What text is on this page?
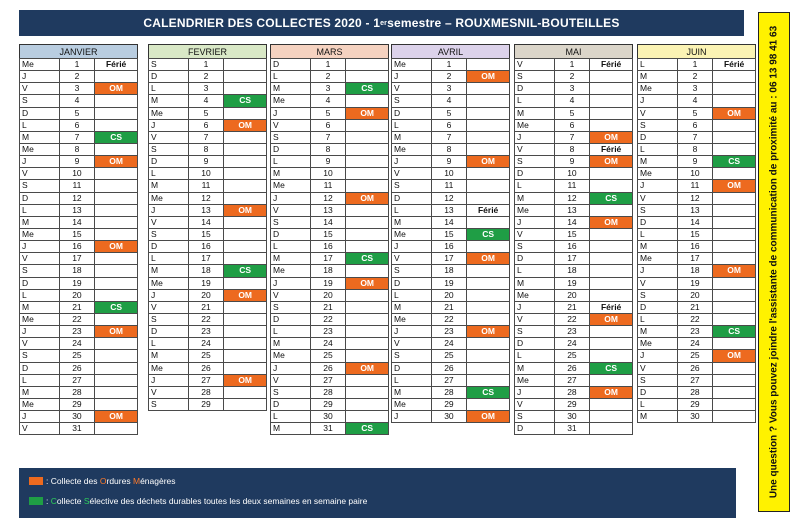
CALENDRIER DES COLLECTES 2020 - 1 er semestre – ROUXMESNIL-BOUTEILLES
JANVIER
Me	1	Férié
J	2	
V	3	OM
S	4	
D	5	
L	6	
M	7	CS
Me	8	
J	9	OM
V	10	
S	11	
D	12	
L	13	
M	14	
Me	15	
J	16	OM
V	17	
S	18	
D	19	
L	20	
M	21	CS
Me	22	
J	23	OM
V	24	
S	25	
D	26	
L	27	
M	28	
Me	29	
J	30	OM
V	31	
FEVRIER
S	1	
D	2	
L	3	
M	4	CS
Me	5	
J	6	OM
V	7	
S	8	
D	9	
L	10	
M	11	
Me	12	
J	13	OM
V	14	
S	15	
D	16	
L	17	
M	18	CS
Me	19	
J	20	OM
V	21	
S	22	
D	23	
L	24	
M	25	
Me	26	
J	27	OM
V	28	
S	29	
MARS
D	1	
L	2	
M	3	CS
Me	4	
J	5	OM
V	6	
S	7	
D	8	
L	9	
M	10	
Me	11	
J	12	OM
V	13	
S	14	
D	15	
L	16	
M	17	CS
Me	18	
J	19	OM
V	20	
S	21	
D	22	
L	23	
M	24	
Me	25	
J	26	OM
V	27	
S	28	
D	29	
L	30	
M	31	CS
AVRIL
Me	1	
J	2	OM
V	3	
S	4	
D	5	
L	6	
M	7	
Me	8	
J	9	OM
V	10	
S	11	
D	12	
L	13	Férié
M	14	
Me	15	CS
J	16	
V	17	OM
S	18	
D	19	
L	20	
M	21	
Me	22	
J	23	OM
V	24	
S	25	
D	26	
L	27	
M	28	CS
Me	29	
J	30	OM
MAI
V	1	Férié
S	2	
D	3	
L	4	
M	5	
Me	6	
J	7	OM
V	8	Férié
S	9	OM
D	10	
L	11	
M	12	CS
Me	13	
J	14	OM
V	15	
S	16	
D	17	
L	18	
M	19	
Me	20	
J	21	Férié
V	22	OM
S	23	
D	24	
L	25	
M	26	CS
Me	27	
J	28	OM
V	29	
S	30	
D	31	
JUIN
L	1	Férié
M	2	
Me	3	
J	4	
V	5	OM
S	6	
D	7	
L	8	
M	9	CS
Me	10	
J	11	OM
V	12	
S	13	
D	14	
L	15	
M	16	
Me	17	
J	18	OM
V	19	
S	20	
D	21	
L	22	
M	23	CS
Me	24	
J	25	OM
V	26	
S	27	
D	28	
L	29	
M	30	
: Collecte des Ordures Ménagères
: Collecte Sélective des déchets durables toutes les deux semaines en semaine paire
Une question ? Vous pouvez joindre l'assistante de communication de proximité au : 06 13 98 41 63
